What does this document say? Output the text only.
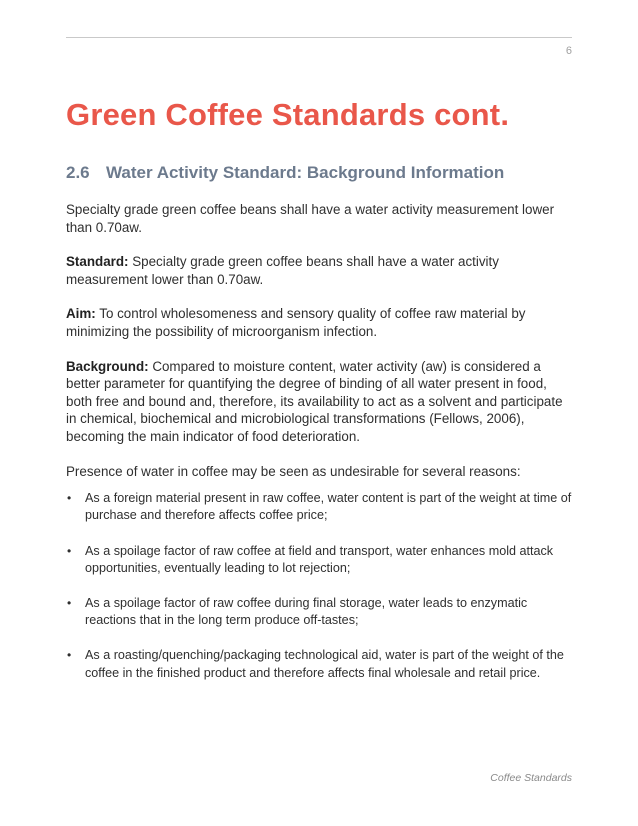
6
Green Coffee Standards cont.
2.6 Water Activity Standard: Background Information

Specialty grade green coffee beans shall have a water activity measurement lower than 0.70aw.

Standard: Specialty grade green coffee beans shall have a water activity measurement lower than 0.70aw.

Aim: To control wholesomeness and sensory quality of coffee raw material by minimizing the possibility of microorganism infection.

Background: Compared to moisture content, water activity (aw) is considered a better parameter for quantifying the degree of binding of all water present in food, both free and bound and, therefore, its availability to act as a solvent and participate in chemical, biochemical and microbiological transformations (Fellows, 2006), becoming the main indicator of food deterioration.

Presence of water in coffee may be seen as undesirable for several reasons:

• As a foreign material present in raw coffee, water content is part of the weight at time of purchase and therefore affects coffee price;
• As a spoilage factor of raw coffee at field and transport, water enhances mold attack opportunities, eventually leading to lot rejection;
• As a spoilage factor of raw coffee during final storage, water leads to enzymatic reactions that in the long term produce off-tastes;
• As a roasting/quenching/packaging technological aid, water is part of the weight of the coffee in the finished product and therefore affects final wholesale and retail price.
Coffee Standards
